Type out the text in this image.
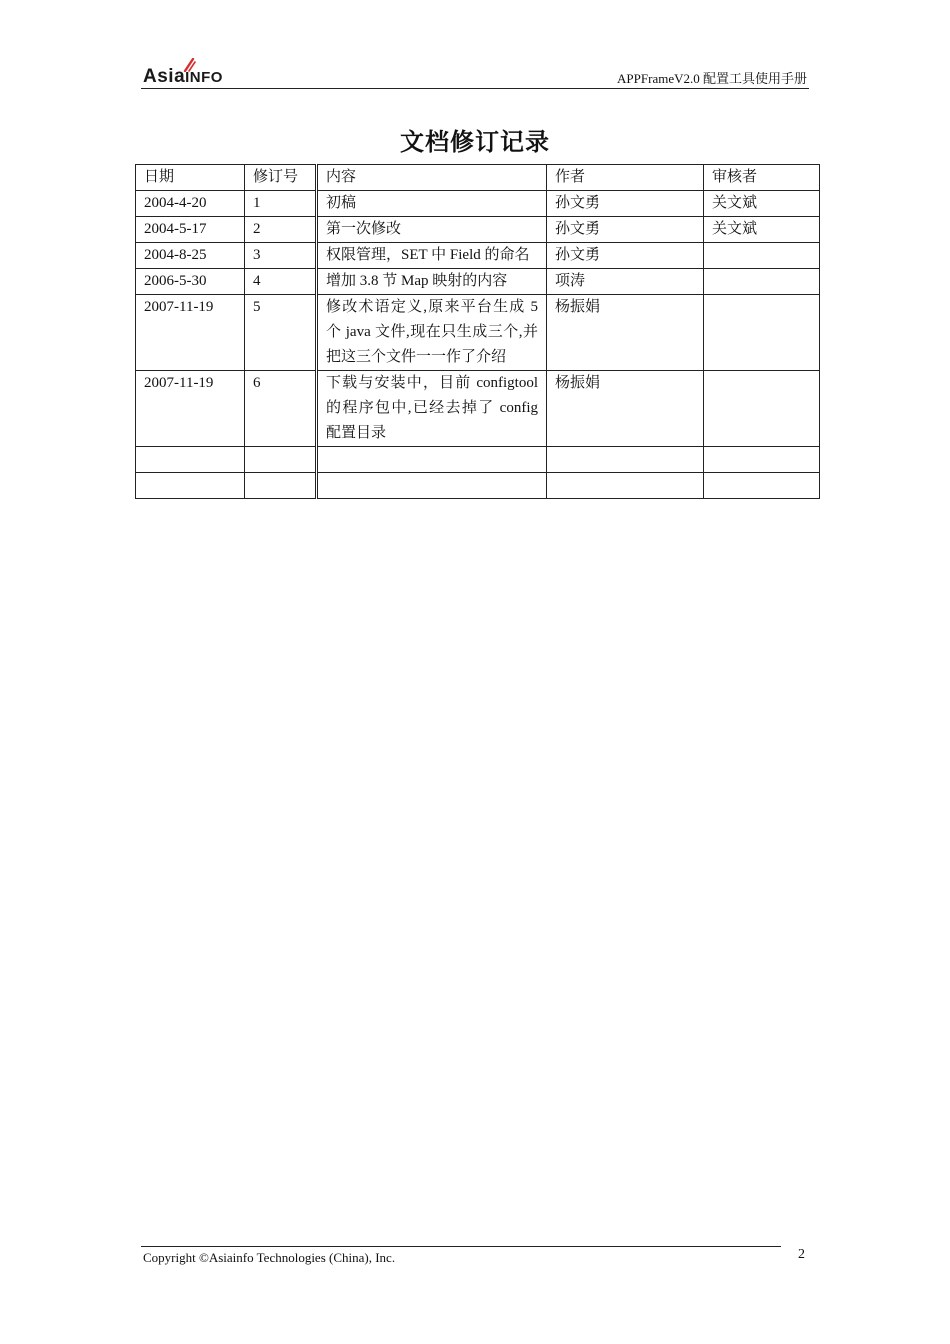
AsiaINFO	APPFrameV2.0 配置工具使用手册
文档修订记录
日期	修订号	内容	作者	审核者
2004-4-20	1	初稿	孙文勇	关文斌
2004-5-17	2	第一次修改	孙文勇	关文斌
2004-8-25	3	权限管理，SET 中 Field 的命名	孙文勇	
2006-5-30	4	增加 3.8 节 Map 映射的内容	项涛	
2007-11-19	5	修改术语定义,原来平台生成 5 个 java 文件,现在只生成三个,并把这三个文件一一作了介绍	杨振娟	
2007-11-19	6	下载与安装中，目前 configtool 的程序包中,已经去掉了 config 配置目录	杨振娟	

Copyright ©Asiainfo Technologies (China), Inc.	2
